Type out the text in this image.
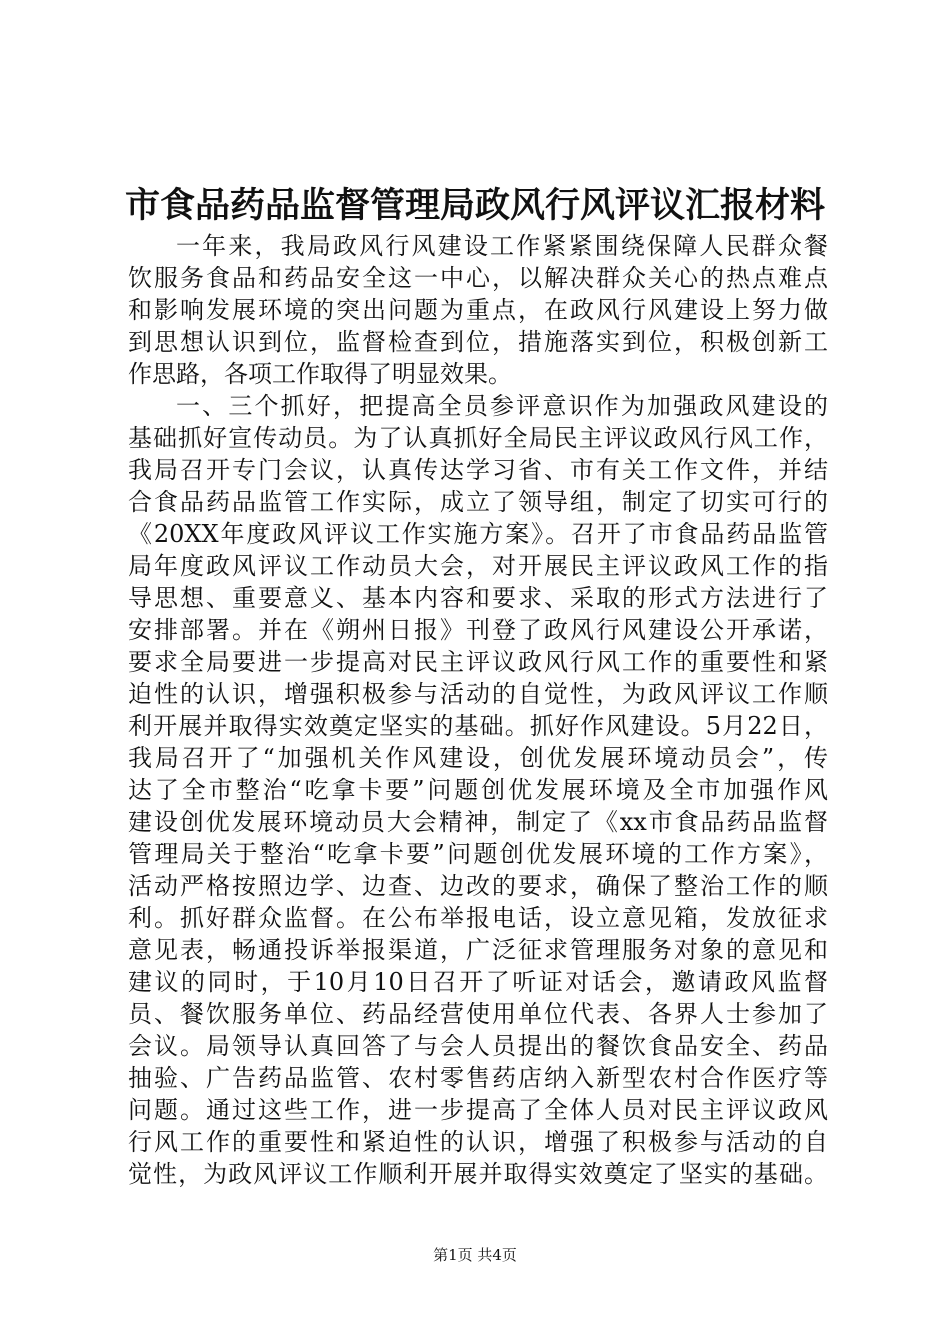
市食品药品监督管理局政风行风评议汇报材料
一年来，我局政风行风建设工作紧紧围绕保障人民群众餐
饮服务食品和药品安全这一中心，以解决群众关心的热点难点
和影响发展环境的突出问题为重点，在政风行风建设上努力做
到思想认识到位，监督检查到位，措施落实到位，积极创新工
作思路，各项工作取得了明显效果。
一、三个抓好，把提高全员参评意识作为加强政风建设的
基础抓好宣传动员。为了认真抓好全局民主评议政风行风工作，
我局召开专门会议，认真传达学习省、市有关工作文件，并结
合食品药品监管工作实际，成立了领导组，制定了切实可行的
《20XX年度政风评议工作实施方案》。召开了市食品药品监管
局年度政风评议工作动员大会，对开展民主评议政风工作的指
导思想、重要意义、基本内容和要求、采取的形式方法进行了
安排部署。并在《朔州日报》刊登了政风行风建设公开承诺，
要求全局要进一步提高对民主评议政风行风工作的重要性和紧
迫性的认识，增强积极参与活动的自觉性，为政风评议工作顺
利开展并取得实效奠定坚实的基础。抓好作风建设。5月22日，
我局召开了“加强机关作风建设，创优发展环境动员会”，传
达了全市整治“吃拿卡要”问题创优发展环境及全市加强作风
建设创优发展环境动员大会精神，制定了《xx市食品药品监督
管理局关于整治“吃拿卡要”问题创优发展环境的工作方案》，
活动严格按照边学、边查、边改的要求，确保了整治工作的顺
利。抓好群众监督。在公布举报电话，设立意见箱，发放征求
意见表，畅通投诉举报渠道，广泛征求管理服务对象的意见和
建议的同时，于10月10日召开了听证对话会，邀请政风监督
员、餐饮服务单位、药品经营使用单位代表、各界人士参加了
会议。局领导认真回答了与会人员提出的餐饮食品安全、药品
抽验、广告药品监管、农村零售药店纳入新型农村合作医疗等
问题。通过这些工作，进一步提高了全体人员对民主评议政风
行风工作的重要性和紧迫性的认识，增强了积极参与活动的自
觉性，为政风评议工作顺利开展并取得实效奠定了坚实的基础。
第1页 共4页
